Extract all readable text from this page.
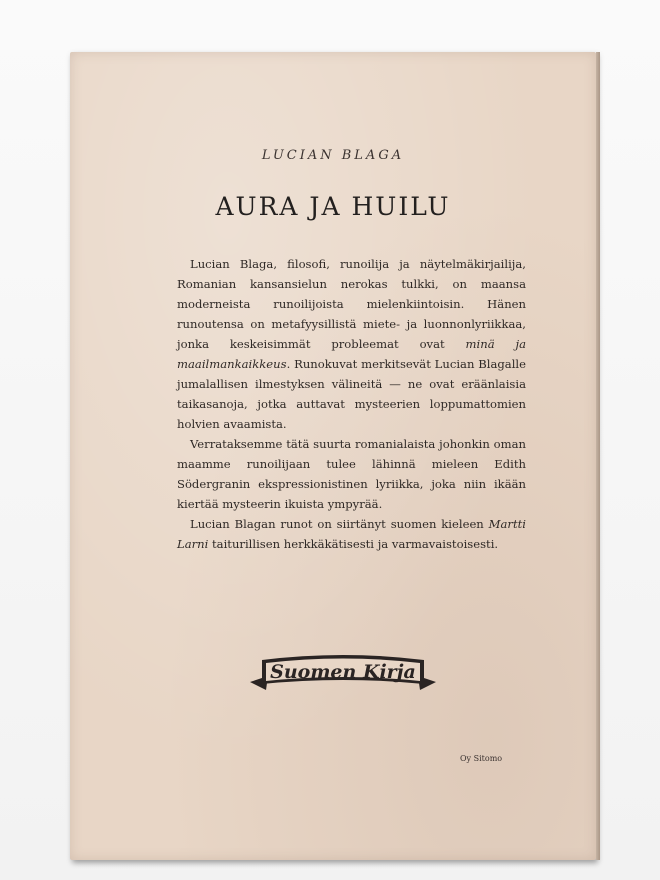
LUCIAN BLAGA
AURA JA HUILU

Lucian Blaga, filosofi, runoilija ja näytelmäkirjailija, Romanian kansansielun nerokas tulkki, on maansa moderneista runoilijoista mielenkiintoisin. Hänen runoutensa on metafyysillistä miete- ja luonnonlyriikkaa, jonka keskeisimmät probleemat ovat minä ja maailmankaikkeus. Runokuvat merkitsevät Lucian Blagalle jumalallisen ilmestyksen välineitä — ne ovat eräänlaisia taikasanoja, jotka auttavat mysteerien loppumattomien holvien avaamista.

Verrataksemme tätä suurta romanialaista johonkin oman maamme runoilijaan tulee lähinnä mieleen Edith Södergranin ekspressionistinen lyriikka, joka niin ikään kiertää mysteerin ikuista ympyrää.

Lucian Blagan runot on siirtänyt suomen kieleen Martti Larni taiturillisen herkkäkätisesti ja varmavaistoisesti.

Suomen Kirja
Oy Sitomo
